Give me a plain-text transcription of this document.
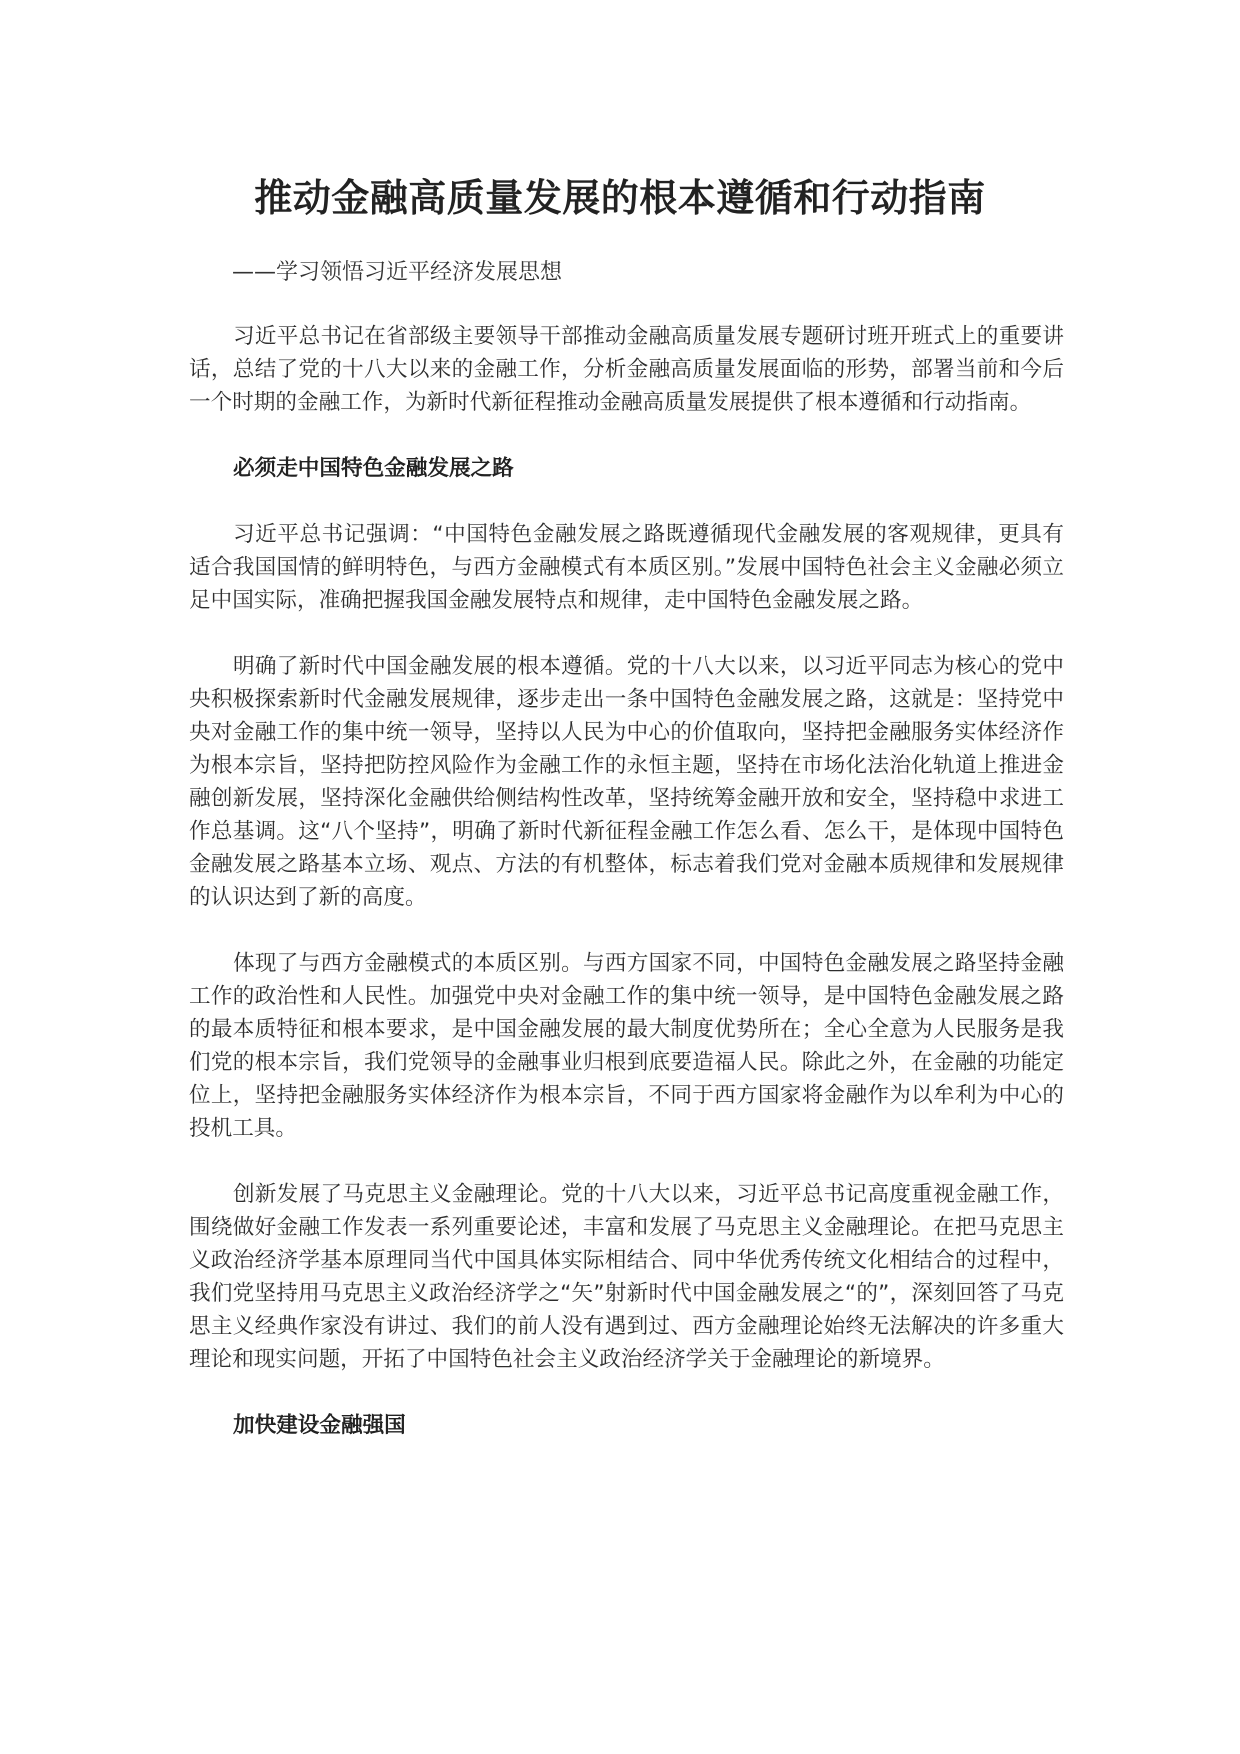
推动金融高质量发展的根本遵循和行动指南
——学习领悟习近平经济发展思想

习近平总书记在省部级主要领导干部推动金融高质量发展专题研讨班开班式上的重要讲话，总结了党的十八大以来的金融工作，分析金融高质量发展面临的形势，部署当前和今后一个时期的金融工作，为新时代新征程推动金融高质量发展提供了根本遵循和行动指南。

必须走中国特色金融发展之路

习近平总书记强调：“中国特色金融发展之路既遵循现代金融发展的客观规律，更具有适合我国国情的鲜明特色，与西方金融模式有本质区别。”发展中国特色社会主义金融必须立足中国实际，准确把握我国金融发展特点和规律，走中国特色金融发展之路。

明确了新时代中国金融发展的根本遵循。党的十八大以来，以习近平同志为核心的党中央积极探索新时代金融发展规律，逐步走出一条中国特色金融发展之路，这就是：坚持党中央对金融工作的集中统一领导，坚持以人民为中心的价值取向，坚持把金融服务实体经济作为根本宗旨，坚持把防控风险作为金融工作的永恒主题，坚持在市场化法治化轨道上推进金融创新发展，坚持深化金融供给侧结构性改革，坚持统筹金融开放和安全，坚持稳中求进工作总基调。这“八个坚持”，明确了新时代新征程金融工作怎么看、怎么干，是体现中国特色金融发展之路基本立场、观点、方法的有机整体，标志着我们党对金融本质规律和发展规律的认识达到了新的高度。

体现了与西方金融模式的本质区别。与西方国家不同，中国特色金融发展之路坚持金融工作的政治性和人民性。加强党中央对金融工作的集中统一领导，是中国特色金融发展之路的最本质特征和根本要求，是中国金融发展的最大制度优势所在；全心全意为人民服务是我们党的根本宗旨，我们党领导的金融事业归根到底要造福人民。除此之外，在金融的功能定位上，坚持把金融服务实体经济作为根本宗旨，不同于西方国家将金融作为以牟利为中心的投机工具。

创新发展了马克思主义金融理论。党的十八大以来，习近平总书记高度重视金融工作，围绕做好金融工作发表一系列重要论述，丰富和发展了马克思主义金融理论。在把马克思主义政治经济学基本原理同当代中国具体实际相结合、同中华优秀传统文化相结合的过程中，我们党坚持用马克思主义政治经济学之“矢”射新时代中国金融发展之“的”，深刻回答了马克思主义经典作家没有讲过、我们的前人没有遇到过、西方金融理论始终无法解决的许多重大理论和现实问题，开拓了中国特色社会主义政治经济学关于金融理论的新境界。

加快建设金融强国
